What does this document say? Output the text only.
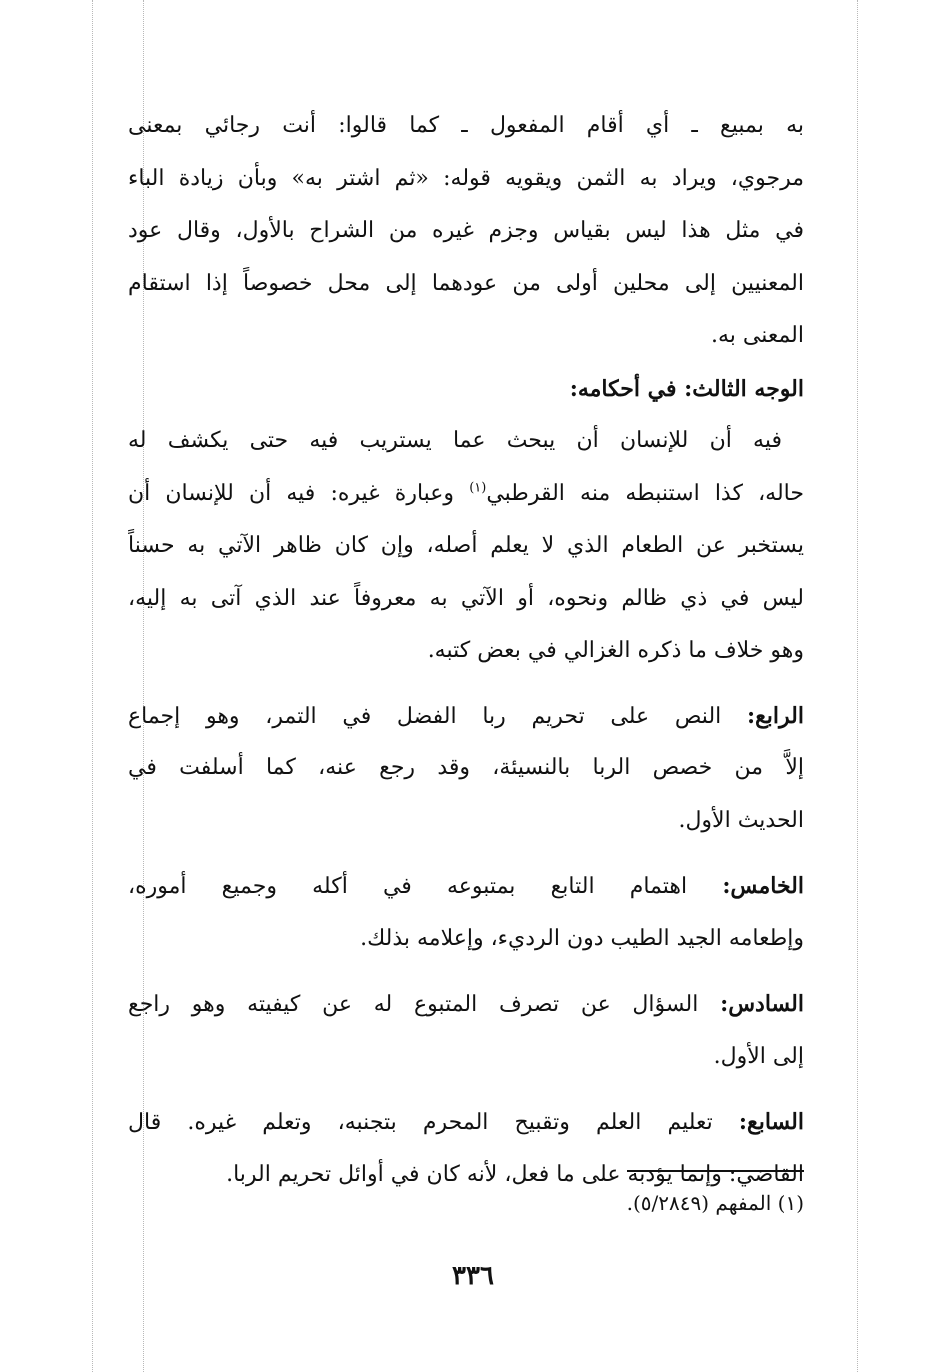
به بمبيع ـ أي أقام المفعول ـ كما قالوا: أنت رجائي بمعنى
مرجوي، ويراد به الثمن ويقويه قوله: «ثم اشتر به» وبأن زيادة الباء
في مثل هذا ليس بقياس وجزم غيره من الشراح بالأول، وقال عود
المعنيين إلى محلين أولى من عودهما إلى محل خصوصاً إذا استقام
المعنى به.
الوجه الثالث: في أحكامه:
فيه أن للإنسان أن يبحث عما يستريب فيه حتى يكشف له
حاله، كذا استنبطه منه القرطبي$^{(١)}$ وعبارة غيره: فيه أن للإنسان أن
يستخبر عن الطعام الذي لا يعلم أصله، وإن كان ظاهر الآتي به حسناً
ليس في ذي ظالم ونحوه، أو الآتي به معروفاً عند الذي آتى به إليه،
وهو خلاف ما ذكره الغزالي في بعض كتبه.
الرابع: النص على تحريم ربا الفضل في التمر، وهو إجماع
إلاَّ من خصص الربا بالنسيئة، وقد رجع عنه، كما أسلفت في
الحديث الأول.
الخامس: اهتمام التابع بمتبوعه في أكله وجميع أموره،
وإطعامه الجيد الطيب دون الرديء، وإعلامه بذلك.
السادس: السؤال عن تصرف المتبوع له عن كيفيته وهو راجع
إلى الأول.
السابع: تعليم العلم وتقبيح المحرم بتجنبه، وتعلم غيره. قال
القاضي: وإنما يؤدبه على ما فعل، لأنه كان في أوائل تحريم الربا.
(١) المفهم (٥/٢٨٤٩).
٣٣٦
